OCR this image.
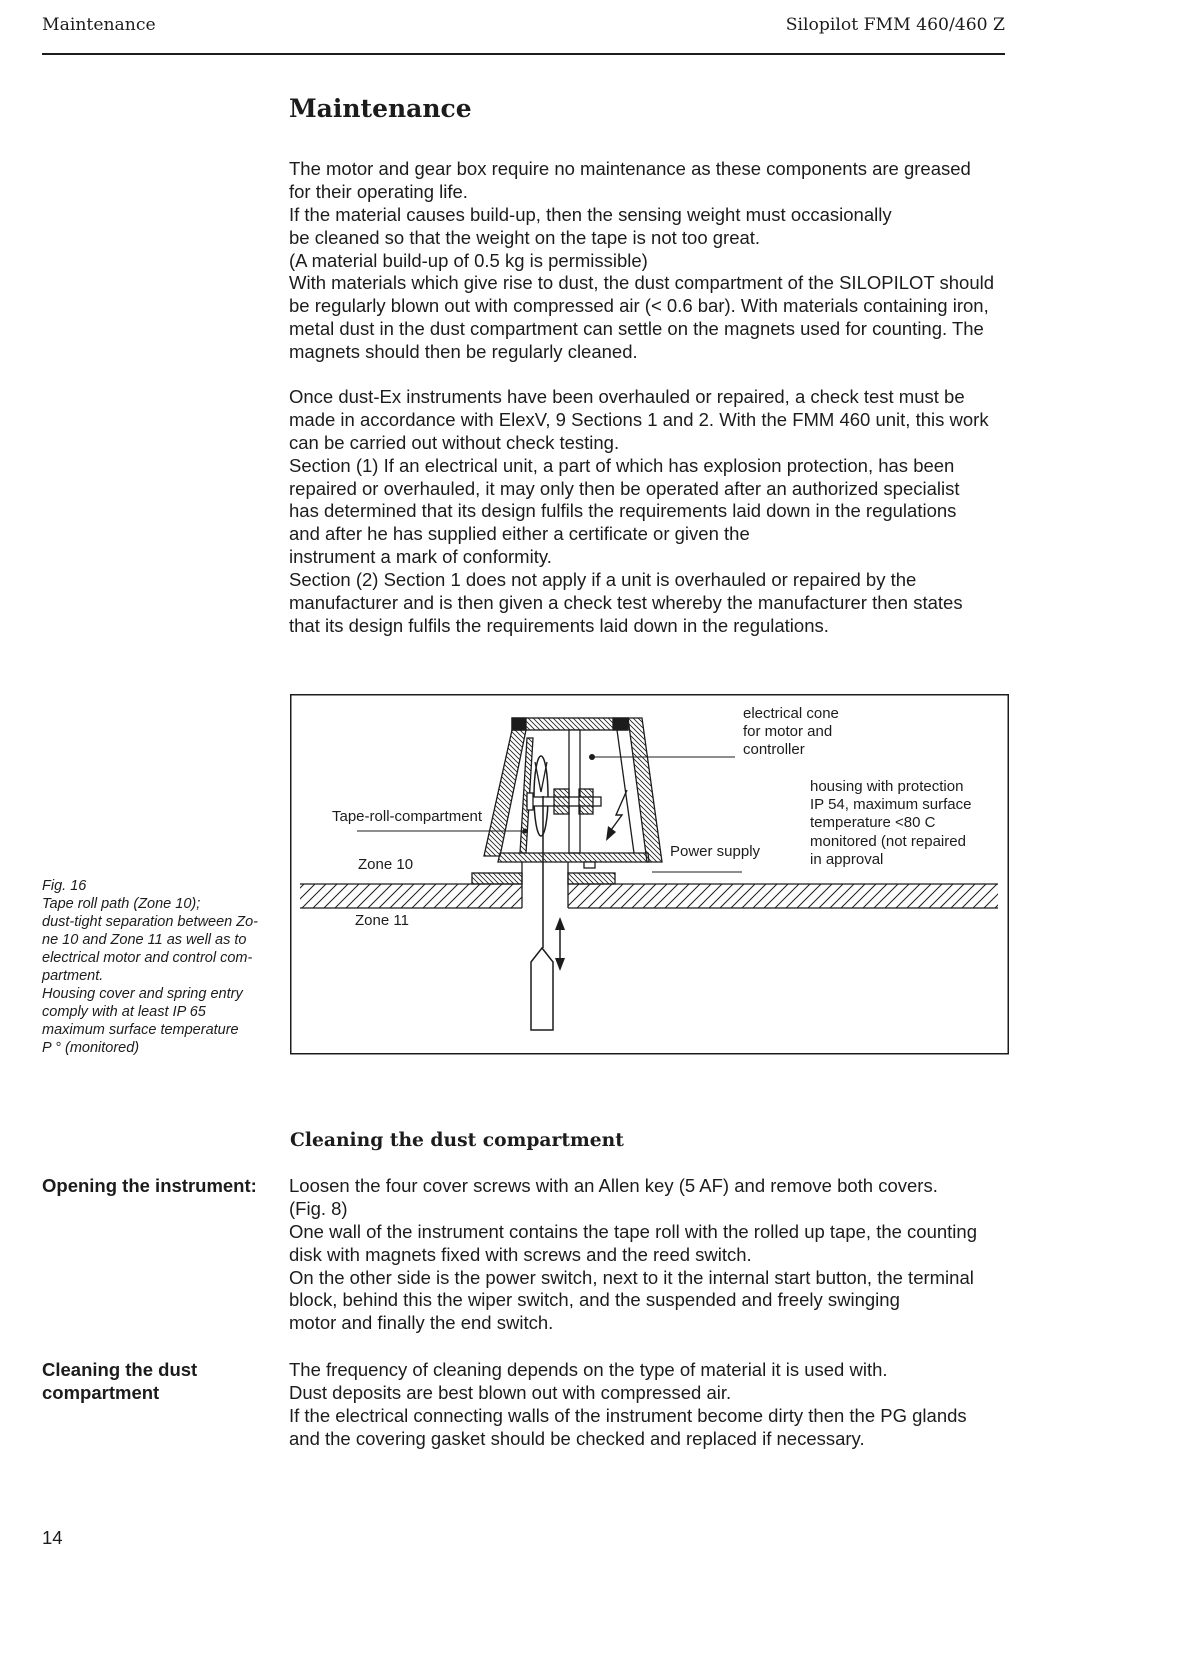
Maintenance	Silopilot FMM 460/460 Z
Maintenance
The motor and gear box require no maintenance as these components are greased
for their operating life.
If the material causes build-up, then the sensing weight must occasionally
be cleaned so that the weight on the tape is not too great.
(A material build-up of 0.5 kg is permissible)
With materials which give rise to dust, the dust compartment of the SILOPILOT should
be regularly blown out with compressed air (< 0.6 bar). With materials containing iron,
metal dust in the dust compartment can settle on the magnets used for counting. The
magnets should then be regularly cleaned.
Once dust-Ex instruments have been overhauled or repaired, a check test must be
made in accordance with ElexV, 9 Sections 1 and 2. With the FMM 460 unit, this work
can be carried out without check testing.
Section (1) If an electrical unit, a part of which has explosion protection, has been
repaired or overhauled, it may only then be operated after an authorized specialist
has determined that its design fulfils the requirements laid down in the regulations
and after he has supplied either a certificate or given the
instrument a mark of conformity.
Section (2) Section 1 does not apply if a unit is overhauled or repaired by the
manufacturer and is then given a check test whereby the manufacturer then states
that its design fulfils the requirements laid down in the regulations.
Fig. 16
Tape roll path (Zone 10);
dust-tight separation between Zo-
ne 10 and Zone 11 as well as to
electrical motor and control com-
partment.
Housing cover and spring entry
comply with at least IP 65
maximum surface temperature
P ° (monitored)
electrical cone
for motor and
controller
housing with protection
IP 54, maximum surface
temperature <80 C
monitored (not repaired
in approval
Tape-roll-compartment
Zone 10
Power supply
Zone 11
Cleaning the dust compartment
Opening the instrument: Loosen the four cover screws with an Allen key (5 AF) and remove both covers.
(Fig. 8)
One wall of the instrument contains the tape roll with the rolled up tape, the counting
disk with magnets fixed with screws and the reed switch.
On the other side is the power switch, next to it the internal start button, the terminal
block, behind this the wiper switch, and the suspended and freely swinging
motor and finally the end switch.
Cleaning the dust
compartment
The frequency of cleaning depends on the type of material it is used with.
Dust deposits are best blown out with compressed air.
If the electrical connecting walls of the instrument become dirty then the PG glands
and the covering gasket should be checked and replaced if necessary.
14
